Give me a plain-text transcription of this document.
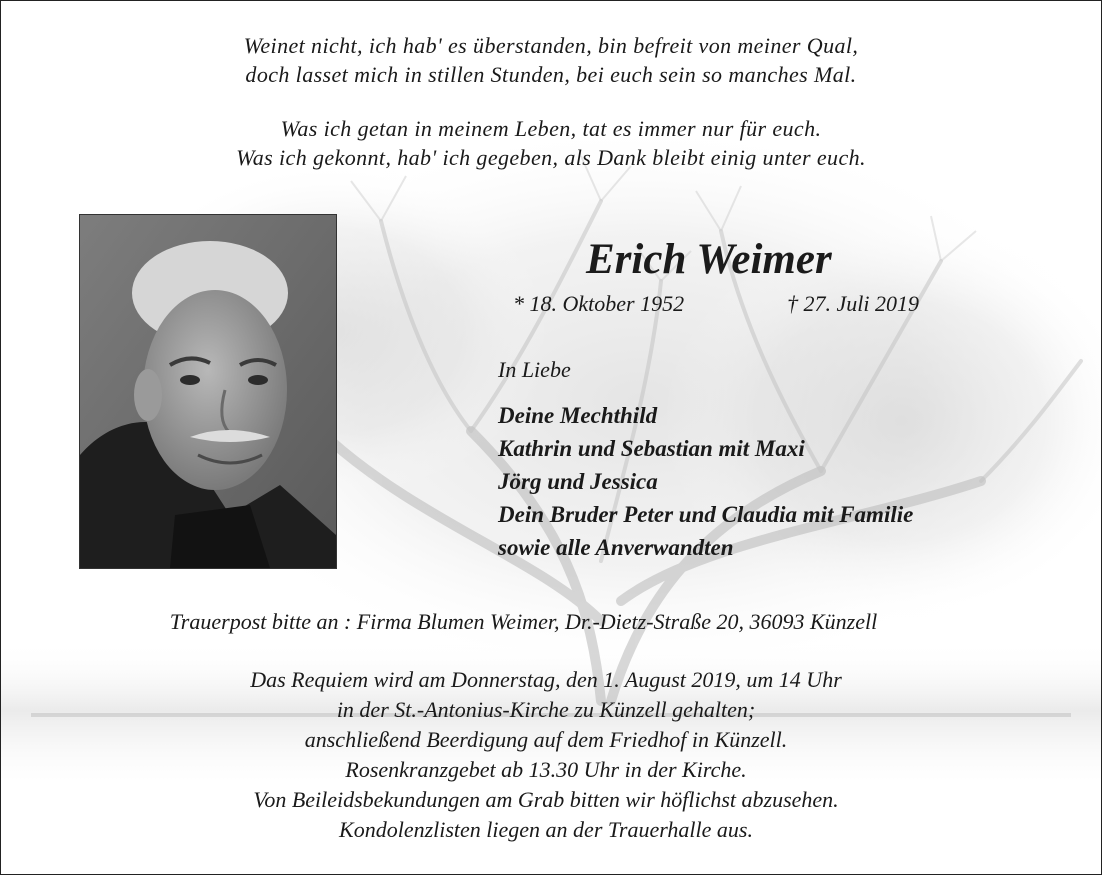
Weinet nicht, ich hab' es überstanden, bin befreit von meiner Qual,
doch lasset mich in stillen Stunden, bei euch sein so manches Mal.
Was ich getan in meinem Leben, tat es immer nur für euch.
Was ich gekonnt, hab' ich gegeben, als Dank bleibt einig unter euch.
Erich Weimer
* 18. Oktober 1952	† 27. Juli 2019
In Liebe
Deine Mechthild
Kathrin und Sebastian mit Maxi
Jörg und Jessica
Dein Bruder Peter und Claudia mit Familie
sowie alle Anverwandten
Trauerpost bitte an : Firma Blumen Weimer, Dr.-Dietz-Straße 20, 36093 Künzell
Das Requiem wird am Donnerstag, den 1. August 2019, um 14 Uhr
in der St.-Antonius-Kirche zu Künzell gehalten;
anschließend Beerdigung auf dem Friedhof in Künzell.
Rosenkranzgebet ab 13.30 Uhr in der Kirche.
Von Beileidsbekundungen am Grab bitten wir höflichst abzusehen.
Kondolenzlisten liegen an der Trauerhalle aus.
